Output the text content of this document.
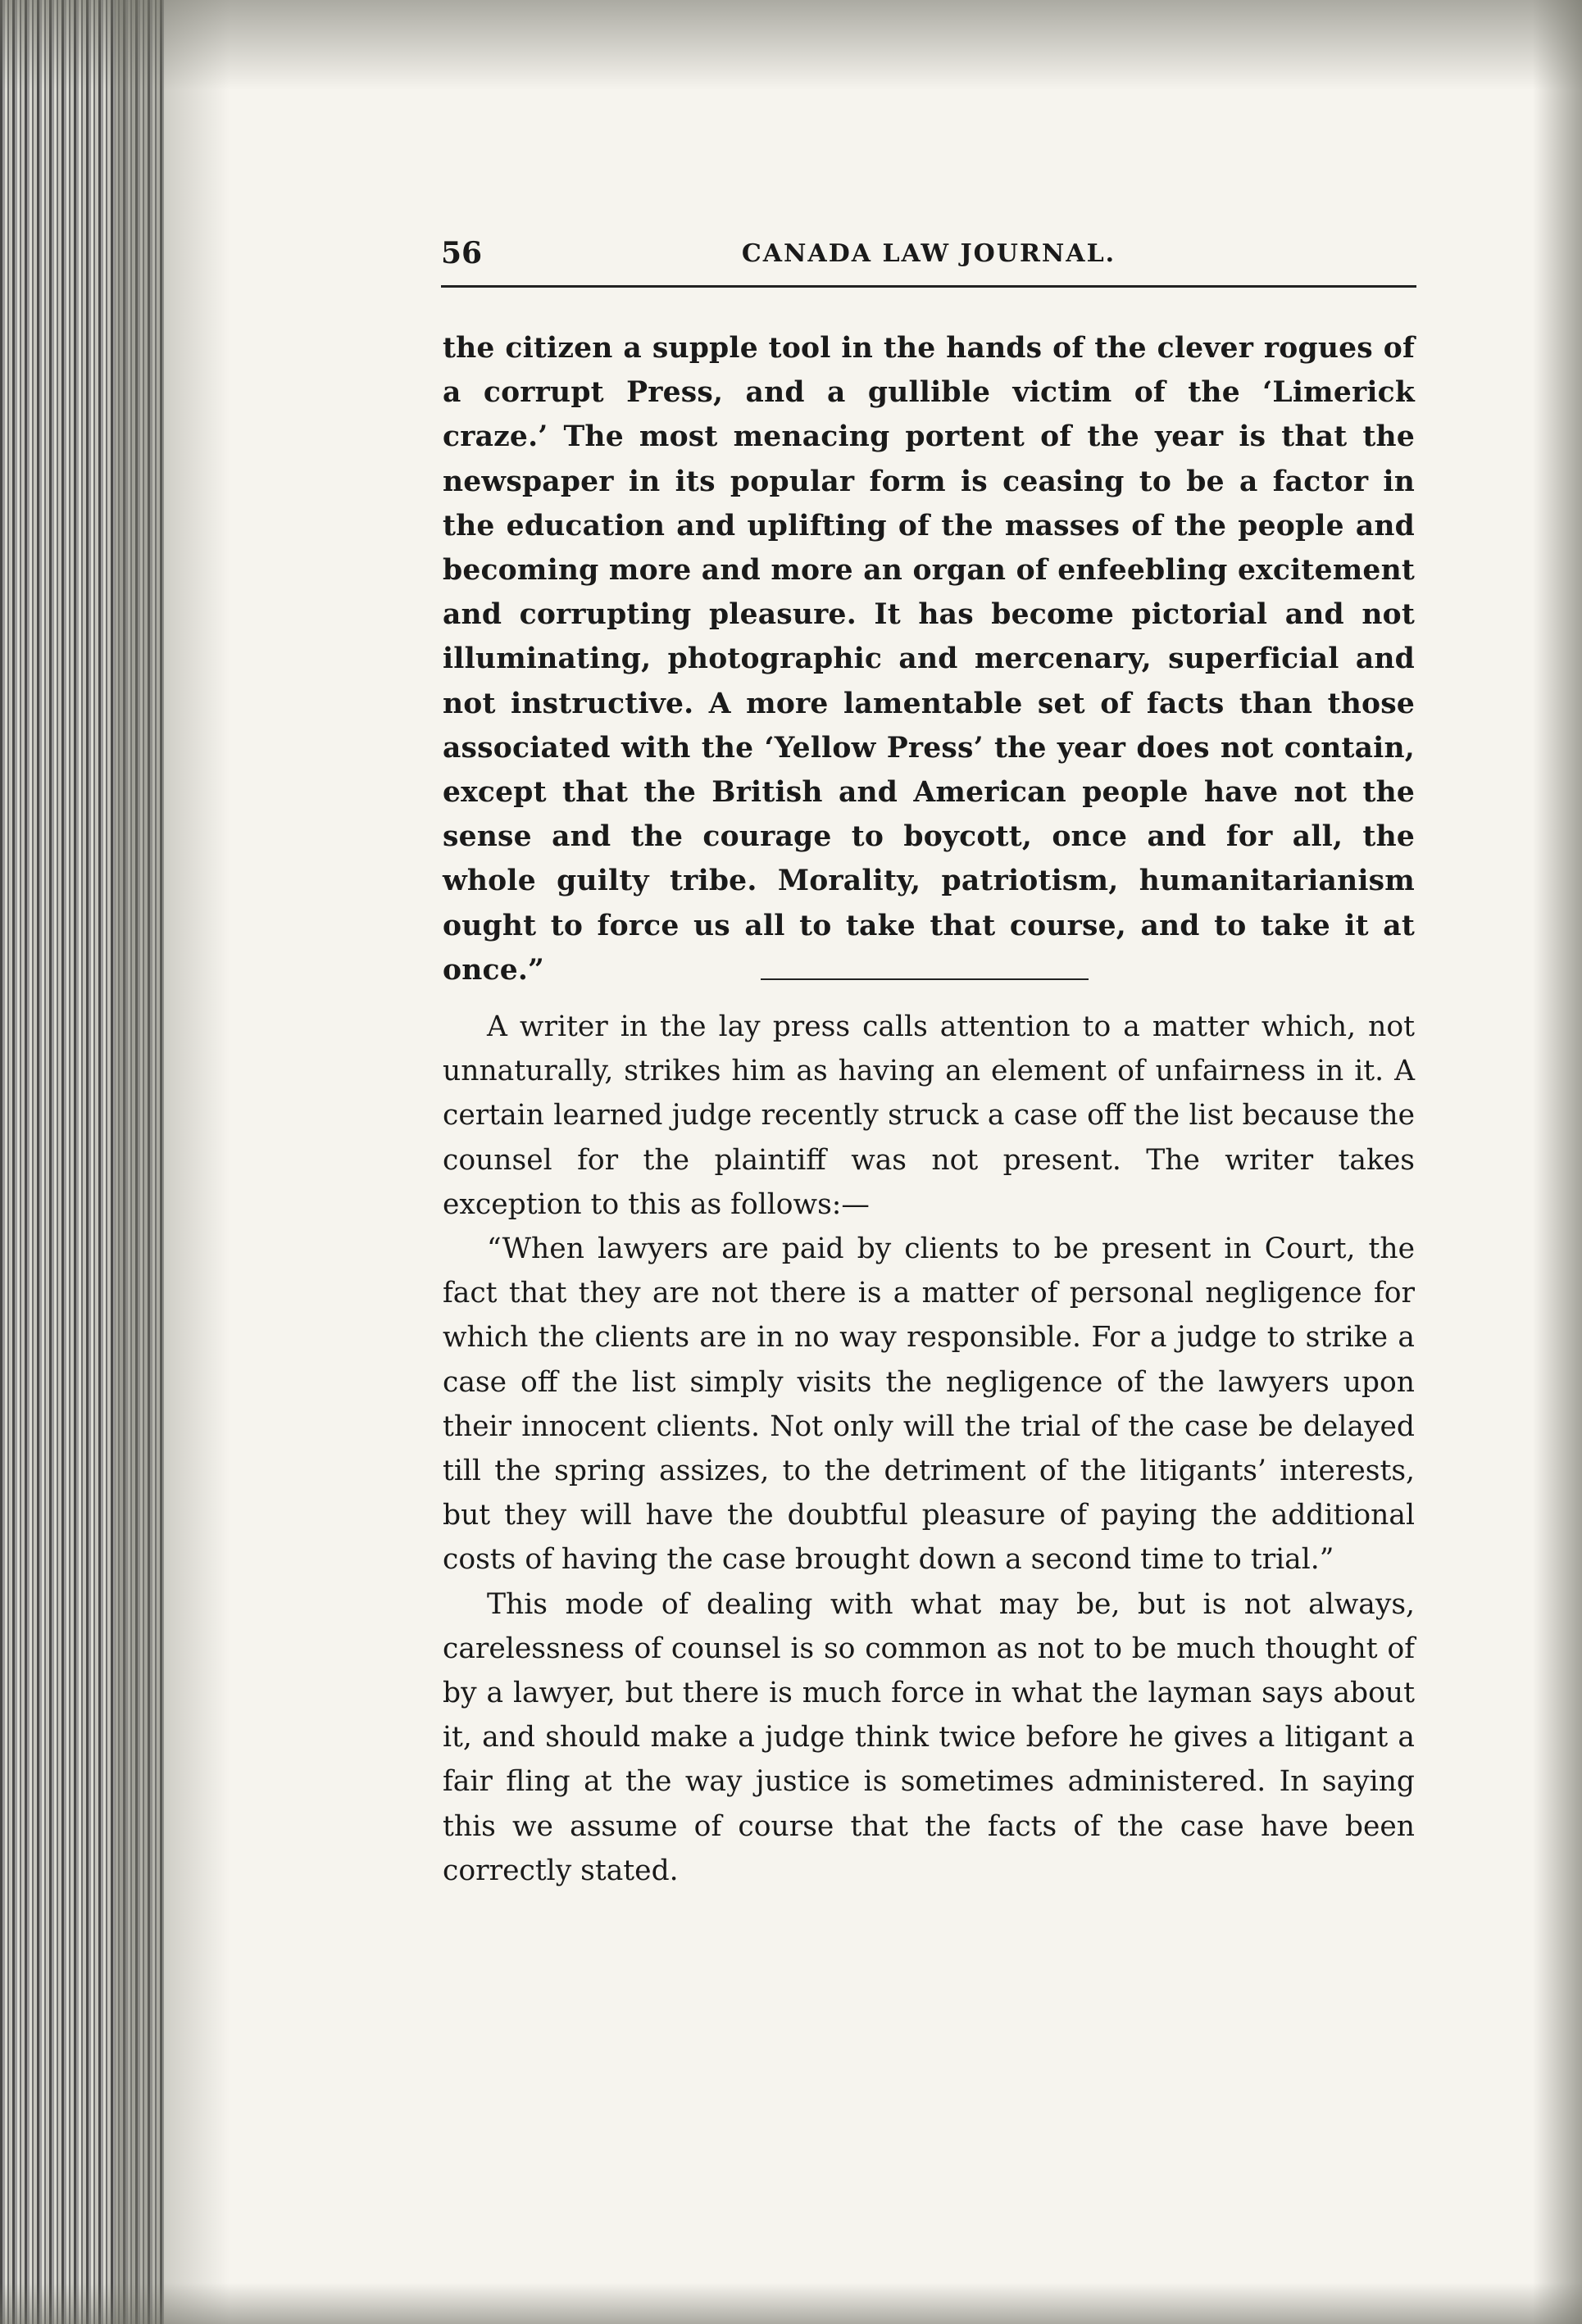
56	CANADA LAW JOURNAL.

the citizen a supple tool in the hands of the clever rogues of a corrupt Press, and a gullible victim of the ‘Limerick craze.’ The most menacing portent of the year is that the newspaper in its popular form is ceasing to be a factor in the education and uplifting of the masses of the people and becoming more and more an organ of enfeebling excitement and corrupting pleasure. It has become pictorial and not illuminating, photographic and mercenary, superficial and not instructive. A more lamentable set of facts than those associated with the ‘Yellow Press’ the year does not contain, except that the British and American people have not the sense and the courage to boycott, once and for all, the whole guilty tribe. Morality, patriotism, humanitarianism ought to force us all to take that course, and to take it at once.”

A writer in the lay press calls attention to a matter which, not unnaturally, strikes him as having an element of unfairness in it. A certain learned judge recently struck a case off the list because the counsel for the plaintiff was not present. The writer takes exception to this as follows:—

“When lawyers are paid by clients to be present in Court, the fact that they are not there is a matter of personal negligence for which the clients are in no way responsible. For a judge to strike a case off the list simply visits the negligence of the lawyers upon their innocent clients. Not only will the trial of the case be delayed till the spring assizes, to the detriment of the litigants’ interests, but they will have the doubtful pleasure of paying the additional costs of having the case brought down a second time to trial.”

This mode of dealing with what may be, but is not always, carelessness of counsel is so common as not to be much thought of by a lawyer, but there is much force in what the layman says about it, and should make a judge think twice before he gives a litigant a fair fling at the way justice is sometimes administered. In saying this we assume of course that the facts of the case have been correctly stated.
